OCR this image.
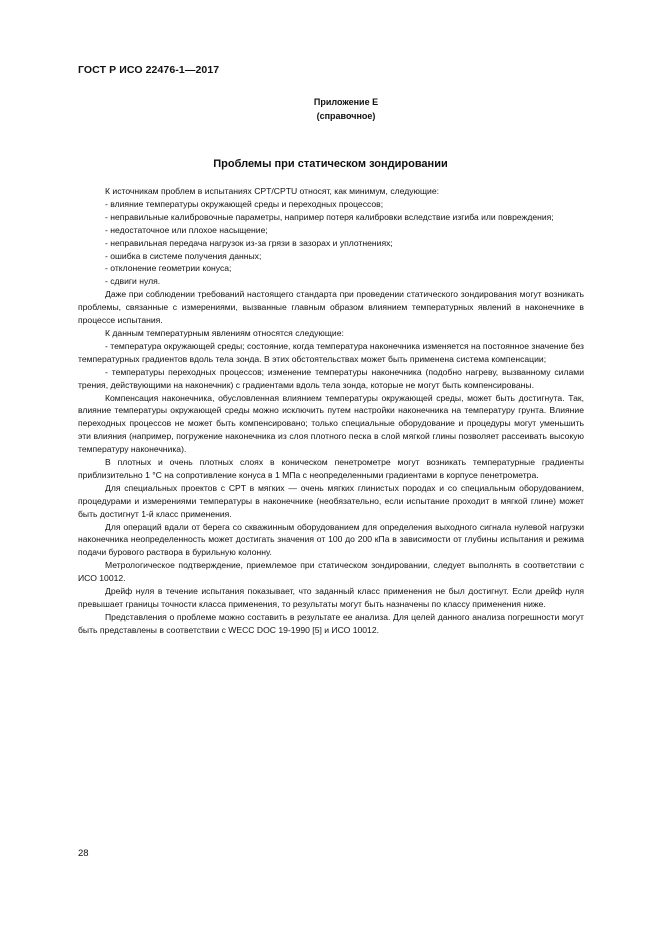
ГОСТ Р ИСО 22476-1—2017
Приложение Е
(справочное)
Проблемы при статическом зондировании

К источникам проблем в испытаниях CPT/CPTU относят, как минимум, следующие:

- влияние температуры окружающей среды и переходных процессов;

- неправильные калибровочные параметры, например потеря калибровки вследствие изгиба или повреждения;

- недостаточное или плохое насыщение;

- неправильная передача нагрузок из-за грязи в зазорах и уплотнениях;

- ошибка в системе получения данных;

- отклонение геометрии конуса;

- сдвиги нуля.

Даже при соблюдении требований настоящего стандарта при проведении статического зондирования могут возникать проблемы, связанные с измерениями, вызванные главным образом влиянием температурных явлений в наконечнике в процессе испытания.

К данным температурным явлениям относятся следующие:

- температура окружающей среды; состояние, когда температура наконечника изменяется на постоянное значение без температурных градиентов вдоль тела зонда. В этих обстоятельствах может быть применена система компенсации;

- температуры переходных процессов; изменение температуры наконечника (подобно нагреву, вызванному силами трения, действующими на наконечник) с градиентами вдоль тела зонда, которые не могут быть компенсированы.

Компенсация наконечника, обусловленная влиянием температуры окружающей среды, может быть достигнута. Так, влияние температуры окружающей среды можно исключить путем настройки наконечника на температуру грунта. Влияние переходных процессов не может быть компенсировано; только специальные оборудование и процедуры могут уменьшить эти влияния (например, погружение наконечника из слоя плотного песка в слой мягкой глины позволяет рассеивать высокую температуру наконечника).

В плотных и очень плотных слоях в коническом пенетрометре могут возникать температурные градиенты приблизительно 1 °С на сопротивление конуса в 1 МПа с неопределенными градиентами в корпусе пенетрометра.

Для специальных проектов с CPT в мягких — очень мягких глинистых породах и со специальным оборудованием, процедурами и измерениями температуры в наконечнике (необязательно, если испытание проходит в мягкой глине) может быть достигнут 1-й класс применения.

Для операций вдали от берега со скважинным оборудованием для определения выходного сигнала нулевой нагрузки наконечника неопределенность может достигать значения от 100 до 200 кПа в зависимости от глубины испытания и режима подачи бурового раствора в бурильную колонну.

Метрологическое подтверждение, приемлемое при статическом зондировании, следует выполнять в соответствии с ИСО 10012.

Дрейф нуля в течение испытания показывает, что заданный класс применения не был достигнут. Если дрейф нуля превышает границы точности класса применения, то результаты могут быть назначены по классу применения ниже.

Представления о проблеме можно составить в результате ее анализа. Для целей данного анализа погрешности могут быть представлены в соответствии с WECC DOC 19-1990 [5] и ИСО 10012.

28
